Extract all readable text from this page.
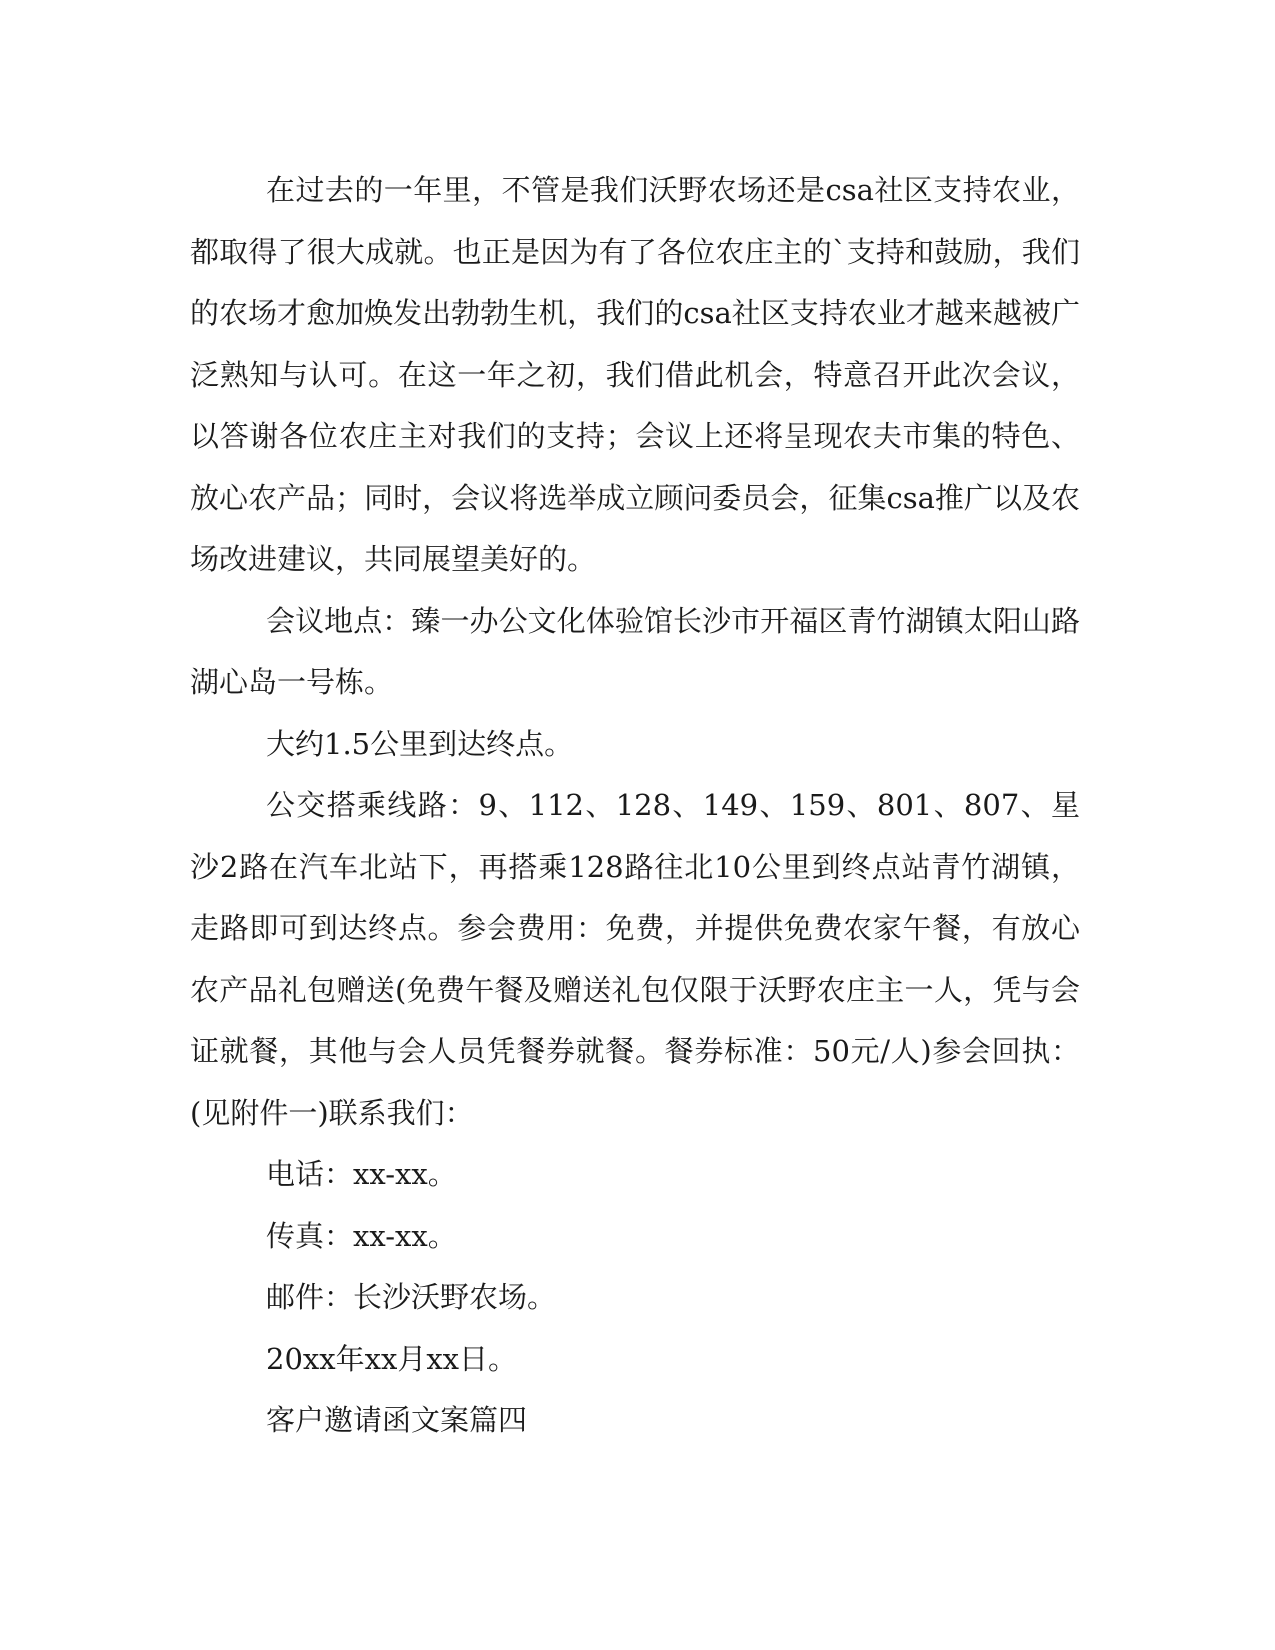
在过去的一年里，不管是我们沃野农场还是csa社区支持农业，都取得了很大成就。也正是因为有了各位农庄主的`支持和鼓励，我们的农场才愈加焕发出勃勃生机，我们的csa社区支持农业才越来越被广泛熟知与认可。在这一年之初，我们借此机会，特意召开此次会议，以答谢各位农庄主对我们的支持；会议上还将呈现农夫市集的特色、放心农产品；同时，会议将选举成立顾问委员会，征集csa推广以及农场改进建议，共同展望美好的。

会议地点：臻一办公文化体验馆长沙市开福区青竹湖镇太阳山路湖心岛一号栋。

大约1.5公里到达终点。

公交搭乘线路：9、112、128、149、159、801、807、星沙2路在汽车北站下，再搭乘128路往北10公里到终点站青竹湖镇，走路即可到达终点。参会费用：免费，并提供免费农家午餐，有放心农产品礼包赠送(免费午餐及赠送礼包仅限于沃野农庄主一人，凭与会证就餐，其他与会人员凭餐券就餐。餐券标准：50元/人)参会回执：(见附件一)联系我们：

电话：xx-xx。

传真：xx-xx。

邮件：长沙沃野农场。

20xx年xx月xx日。

客户邀请函文案篇四
